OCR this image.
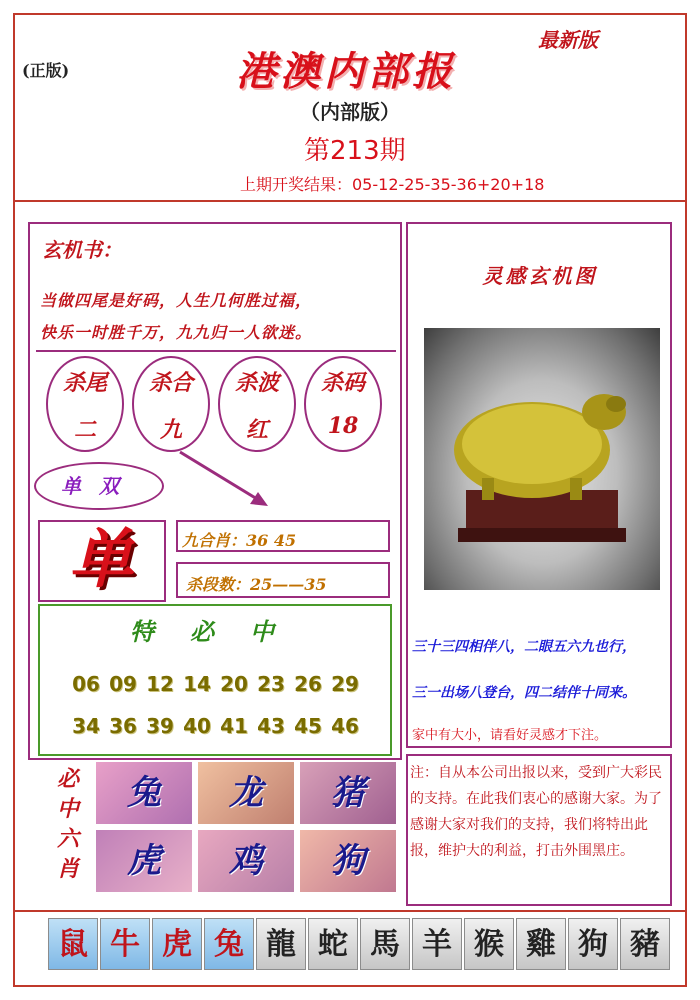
(正版)
最新版
港澳内部报
（内部版）
第213期
上期开奖结果：05-12-25-35-36+20+18
玄机书：
当做四尾是好码，人生几何胜过福，
快乐一时胜千万，九九归一人欲迷。
杀尾
二
杀合
九
杀波
红
杀码
18
单双
单	九合肖：36 45
杀段数：25——35
特必中
06 09 12 14 20 23 26 29
34 36 39 40 41 43 45 46
必中六肖
兔	龙	猪
虎	鸡	狗
灵感玄机图
三十三四相伴八，二眼五六九也行，
三一出场八登台，四二结伴十同来。
家中有大小，请看好灵感才下注。
注：自从本公司出报以来，受到广大彩民的支持。在此我们衷心的感谢大家。为了感谢大家对我们的支持，我们将特出此报，维护大的利益，打击外围黑庄。
鼠 牛 虎 兔 龍 蛇 馬 羊 猴 雞 狗 豬
